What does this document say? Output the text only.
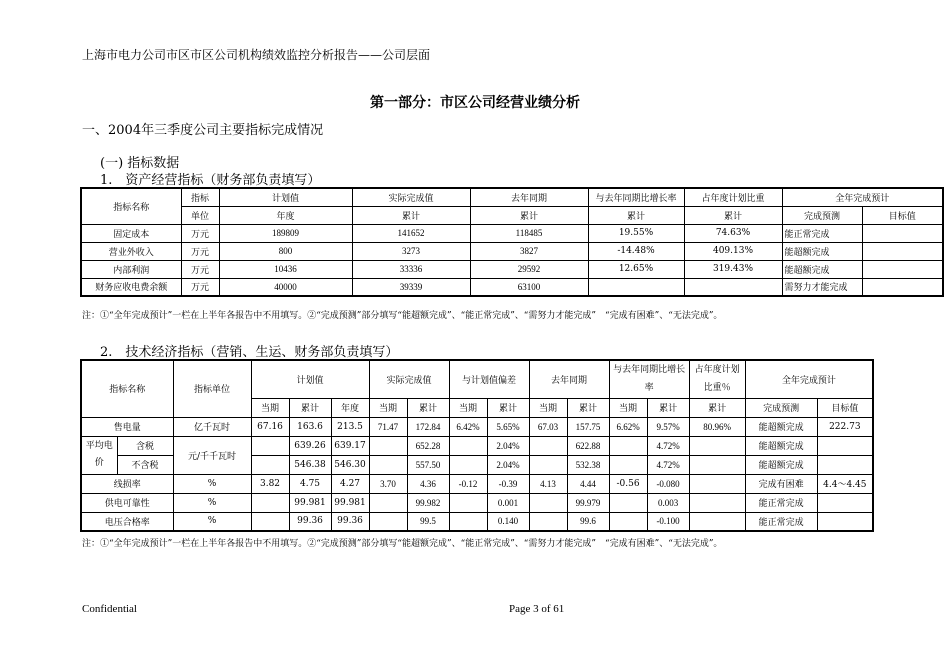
上海市电力公司市区市区公司机构绩效监控分析报告——公司层面
第一部分：市区公司经营业绩分析
一、2004年三季度公司主要指标完成情况
(一) 指标数据
1.　资产经营指标（财务部负责填写）
指标名称	指标	计划值	实际完成值	去年同期	与去年同期比增长率	占年度计划比重	全年完成预计	
	单位	年度	累计	累计	累计	累计	完成预测	目标值
固定成本	万元	189809	141652	118485	19.55%	74.63%	能正常完成	
营业外收入	万元	800	3273	3827	-14.48%	409.13%	能超额完成	
内部利润	万元	10436	33336	29592	12.65%	319.43%	能超额完成	
财务应收电费余额	万元	40000	39339	63100			需努力才能完成	
注：①“全年完成预计”一栏在上半年各报告中不用填写。②“完成预测”部分填写“能超额完成”、“能正常完成”、“需努力才能完成”　“完成有困难”、“无法完成”。
2.　技术经济指标（营销、生运、财务部负责填写）
指标名称		指标单位	计划值			实际完成值		与计划值偏差		去年同期		与去年同期比增长率		占年度计划比重％	全年完成预计	
			当期	累计	年度	当期	累计	当期	累计	当期	累计	当期	累计	累计	完成预测	目标值
售电量		亿千瓦时	67.16	163.6	213.5	71.47	172.84	6.42%	5.65%	67.03	157.75	6.62%	9.57%	80.96%	能超额完成	222.73
平均电价	含税	元/千千瓦时		639.26	639.17		652.28		2.04%		622.88		4.72%		能超额完成	
	不含税			546.38	546.30		557.50		2.04%		532.38		4.72%		能超额完成	
线损率		%	3.82	4.75	4.27	3.70	4.36	-0.12	-0.39	4.13	4.44	-0.56	-0.080		完成有困难	4.4～4.45
供电可靠性		%		99.981	99.981		99.982		0.001		99.979		0.003		能正常完成	
电压合格率		%		99.36	99.36		99.5		0.140		99.6		-0.100		能正常完成	
注：①“全年完成预计”一栏在上半年各报告中不用填写。②“完成预测”部分填写“能超额完成”、“能正常完成”、“需努力才能完成”　“完成有困难”、“无法完成”。
Confidential	Page 3 of 61
